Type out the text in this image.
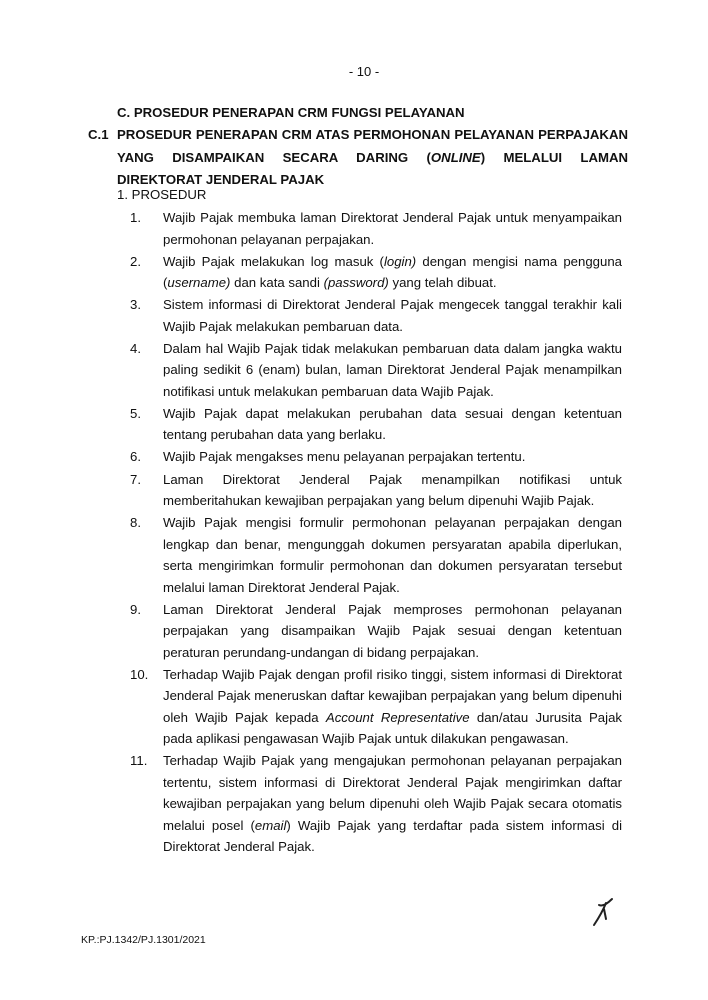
- 10 -
C. PROSEDUR PENERAPAN CRM FUNGSI PELAYANAN
C.1 PROSEDUR PENERAPAN CRM ATAS PERMOHONAN PELAYANAN PERPAJAKAN YANG DISAMPAIKAN SECARA DARING (ONLINE) MELALUI LAMAN DIREKTORAT JENDERAL PAJAK
1. PROSEDUR
1. Wajib Pajak membuka laman Direktorat Jenderal Pajak untuk menyampaikan permohonan pelayanan perpajakan.
2. Wajib Pajak melakukan log masuk (login) dengan mengisi nama pengguna (username) dan kata sandi (password) yang telah dibuat.
3. Sistem informasi di Direktorat Jenderal Pajak mengecek tanggal terakhir kali Wajib Pajak melakukan pembaruan data.
4. Dalam hal Wajib Pajak tidak melakukan pembaruan data dalam jangka waktu paling sedikit 6 (enam) bulan, laman Direktorat Jenderal Pajak menampilkan notifikasi untuk melakukan pembaruan data Wajib Pajak.
5. Wajib Pajak dapat melakukan perubahan data sesuai dengan ketentuan tentang perubahan data yang berlaku.
6. Wajib Pajak mengakses menu pelayanan perpajakan tertentu.
7. Laman Direktorat Jenderal Pajak menampilkan notifikasi untuk memberitahukan kewajiban perpajakan yang belum dipenuhi Wajib Pajak.
8. Wajib Pajak mengisi formulir permohonan pelayanan perpajakan dengan lengkap dan benar, mengunggah dokumen persyaratan apabila diperlukan, serta mengirimkan formulir permohonan dan dokumen persyaratan tersebut melalui laman Direktorat Jenderal Pajak.
9. Laman Direktorat Jenderal Pajak memproses permohonan pelayanan perpajakan yang disampaikan Wajib Pajak sesuai dengan ketentuan peraturan perundang-undangan di bidang perpajakan.
10. Terhadap Wajib Pajak dengan profil risiko tinggi, sistem informasi di Direktorat Jenderal Pajak meneruskan daftar kewajiban perpajakan yang belum dipenuhi oleh Wajib Pajak kepada Account Representative dan/atau Jurusita Pajak pada aplikasi pengawasan Wajib Pajak untuk dilakukan pengawasan.
11. Terhadap Wajib Pajak yang mengajukan permohonan pelayanan perpajakan tertentu, sistem informasi di Direktorat Jenderal Pajak mengirimkan daftar kewajiban perpajakan yang belum dipenuhi oleh Wajib Pajak secara otomatis melalui posel (email) Wajib Pajak yang terdaftar pada sistem informasi di Direktorat Jenderal Pajak.
KP.:PJ.1342/PJ.1301/2021
